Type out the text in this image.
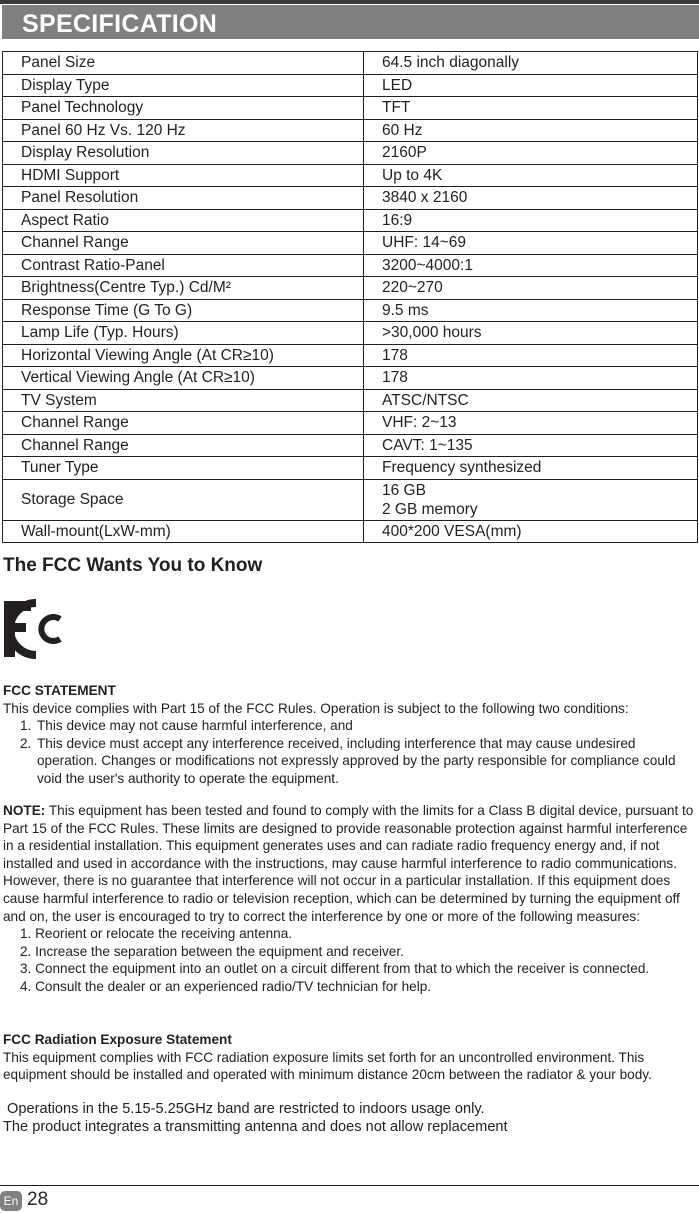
SPECIFICATION
Panel Size	64.5 inch diagonally
Display Type	LED
Panel Technology	TFT
Panel 60 Hz Vs. 120 Hz	60 Hz
Display Resolution	2160P
HDMI Support	Up to 4K
Panel Resolution	3840 x 2160
Aspect Ratio	16:9
Channel Range	UHF: 14~69
Contrast Ratio-Panel	3200~4000:1
Brightness(Centre Typ.) Cd/M²	220~270
Response Time (G To G)	9.5 ms
Lamp Life (Typ. Hours)	>30,000 hours
Horizontal Viewing Angle (At CR≥10)	178
Vertical Viewing Angle (At CR≥10)	178
TV System	ATSC/NTSC
Channel Range	VHF: 2~13
Channel Range	CAVT: 1~135
Tuner Type	Frequency synthesized
Storage Space	16 GB
2 GB memory

Wall-mount(LxW-mm)	400*200 VESA(mm)
The FCC Wants You to Know
FCC STATEMENT
This device complies with Part 15 of the FCC Rules. Operation is subject to the following two conditions:
1. This device may not cause harmful interference, and
2. This device must accept any interference received, including interference that may cause undesired operation. Changes or modifications not expressly approved by the party responsible for compliance could void the user's authority to operate the equipment.
NOTE: This equipment has been tested and found to comply with the limits for a Class B digital device, pursuant to Part 15 of the FCC Rules. These limits are designed to provide reasonable protection against harmful interference in a residential installation. This equipment generates uses and can radiate radio frequency energy and, if not installed and used in accordance with the instructions, may cause harmful interference to radio communications. However, there is no guarantee that interference will not occur in a particular installation. If this equipment does cause harmful interference to radio or television reception, which can be determined by turning the equipment off and on, the user is encouraged to try to correct the interference by one or more of the following measures:
1. Reorient or relocate the receiving antenna.
2. Increase the separation between the equipment and receiver.
3. Connect the equipment into an outlet on a circuit different from that to which the receiver is connected.
4. Consult the dealer or an experienced radio/TV technician for help.
FCC Radiation Exposure Statement
This equipment complies with FCC radiation exposure limits set forth for an uncontrolled environment. This equipment should be installed and operated with minimum distance 20cm between the radiator & your body.
Operations in the 5.15-5.25GHz band are restricted to indoors usage only.
The product integrates a transmitting antenna and does not allow replacement
En 28
